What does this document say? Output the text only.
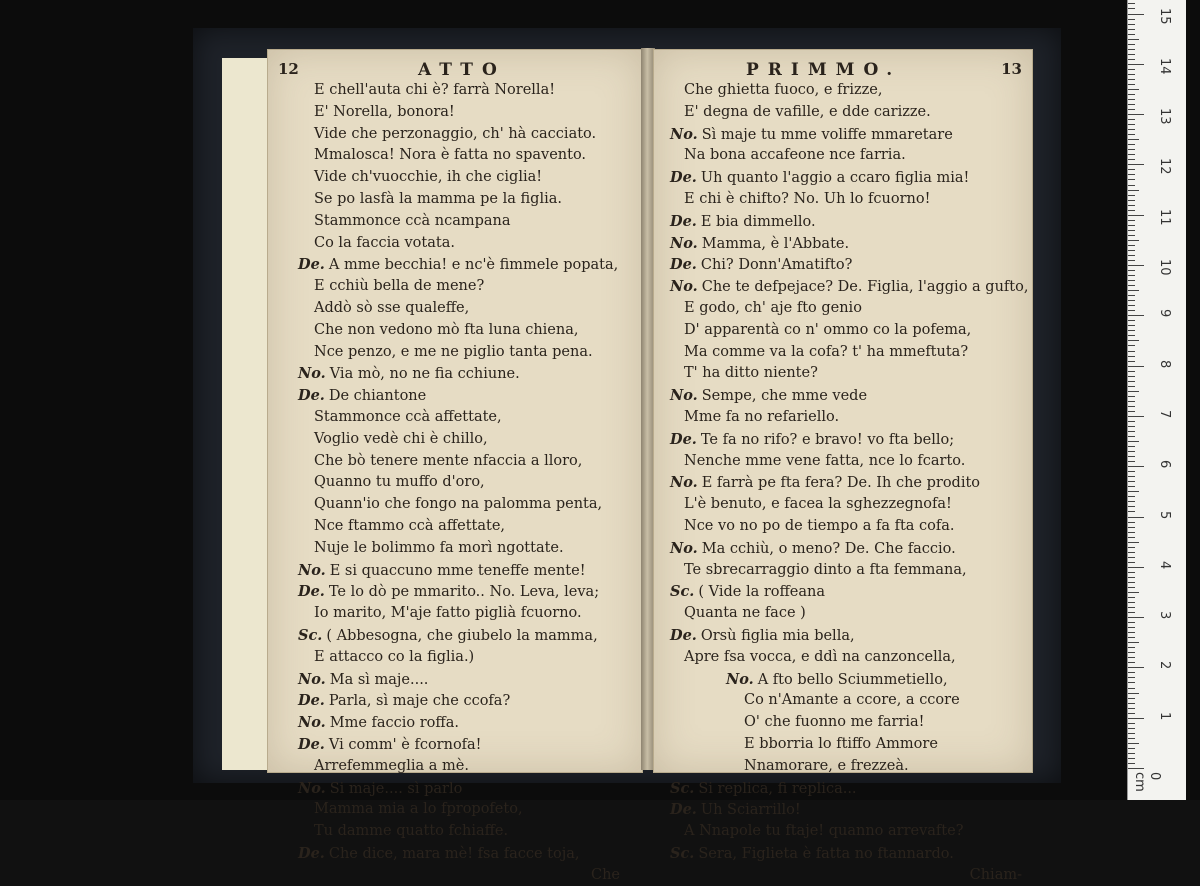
12	ATTO
E chell'auta chi è? farrà Norella!
E' Norella, bonora!
Vide che perzonaggio, ch' hà cacciato.
Mmalosca! Nora è fatta no spavento.
Vide ch'vuocchie, ih che ciglia!
Se po lasfà la mamma pe la figlia.
Stammonce ccà ncampana
Co la faccia votata.
De. A mme becchia! e nc'è fimmele popata,
E cchiù bella de mene?
Addò sò sse qualeffe,
Che non vedono mò fta luna chiena,
Nce penzo, e me ne piglio tanta pena.
No. Via mò, no ne fia cchiune.
De. De chiantone
Stammonce ccà affettate,
Voglio vedè chi è chillo,
Che bò tenere mente nfaccia a lloro,
Quanno tu muffo d'oro,
Quann'io che fongo na palomma penta,
Nce ftammo ccà affettate,
Nuje le bolimmo fa morì ngottate.
No. E si quaccuno mme teneffe mente!
De. Te lo dò pe mmarito.. No. Leva, leva;
Io marito, M'aje fatto piglià fcuorno.
Sc. ( Abbesogna, che giubelo la mamma,
E attacco co la figlia.)
No. Ma sì maje....
De. Parla, sì maje che ccofa?
No. Mme faccio roffa.
De. Vi comm' è fcornofa!
Arrefemmeglia a mè.
No. Si maje.... sì parlo
Mamma mia a lo fpropofeto,
Tu damme quatto fchiaffe.
De. Che dice, mara mè! fsa facce toja,
Che
PRIMMO.	13
Che ghietta fuoco, e frizze,
E' degna de vafille, e dde carizze.
No. Sì maje tu mme voliffe mmaretare
Na bona accafeone nce farria.
De. Uh quanto l'aggio a ccaro figlia mia!
E chi è chifto? No. Uh lo fcuorno!
De. E bia dimmello.
No. Mamma, è l'Abbate.
De. Chi? Donn'Amatifto?
No. Che te defpejace? De. Figlia, l'aggio a gufto,
E godo, ch' aje fto genio
D' apparentà co n' ommo co la pofema,
Ma comme va la cofa? t' ha mmeftuta?
T' ha ditto niente?
No. Sempe, che mme vede
Mme fa no refariello.
De. Te fa no rifo? e bravo! vo fta bello;
Nenche mme vene fatta, nce lo fcarto.
No. E farrà pe fta fera? De. Ih che prodito
L'è benuto, e facea la sghezzegnofa!
Nce vo no po de tiempo a fa fta cofa.
No. Ma cchiù, o meno? De. Che faccio.
Te sbrecarraggio dinto a fta femmana,
Sc. ( Vide la roffeana
Quanta ne face )
De. Orsù figlia mia bella,
Apre fsa vocca, e ddì na canzoncella,
No. A fto bello Sciummetiello,
Co n'Amante a ccore, a ccore
O' che fuonno me farria!
E bborria lo ftiffo Ammore
Nnamorare, e frezzeà.
Sc. Si replica, fi replica...
De. Uh Sciarrillo!
A Nnapole tu ftaje! quanno arrevafte?
Sc. Sera, Figlieta è fatta no ftannardo.
Chiam-
0 cm
1
2
3
4
5
6
7
8
9
10
11
12
13
14
15
